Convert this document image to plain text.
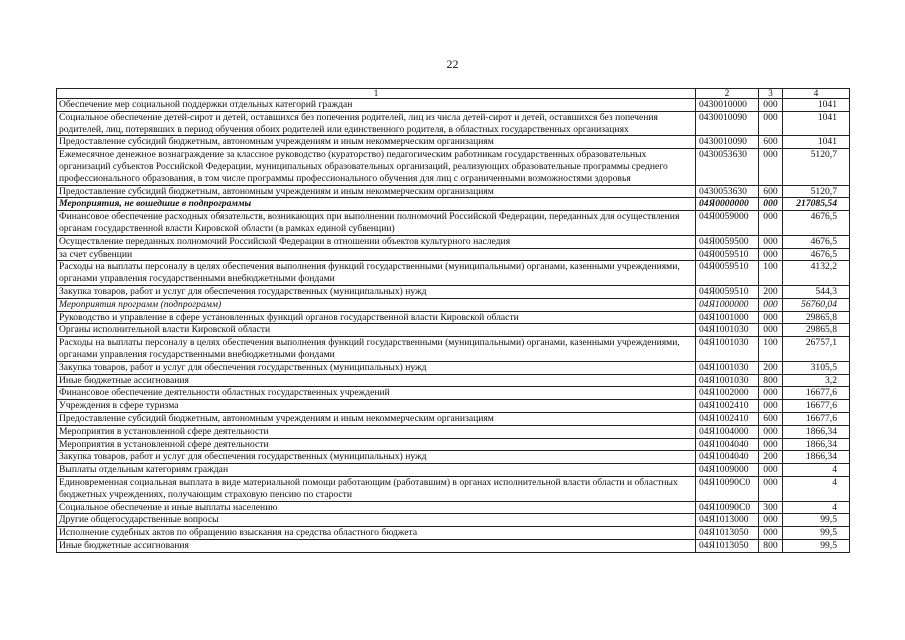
22
1	2	3	4
Обеспечение мер социальной поддержки отдельных категорий граждан	0430010000	000	1041
Социальное обеспечение детей-сирот и детей, оставшихся без попечения родителей, лиц из числа детей-сирот и детей, оставшихся без попечения родителей, лиц, потерявших в период обучения обоих родителей или единственного родителя, в областных государственных организациях	0430010090	000	1041
Предоставление субсидий бюджетным, автономным учреждениям и иным некоммерческим организациям	0430010090	600	1041
Ежемесячное денежное вознаграждение за классное руководство (кураторство) педагогическим работникам государственных образовательных организаций субъектов Российской Федерации, муниципальных образовательных организаций, реализующих образовательные программы среднего профессионального образования, в том числе программы профессионального обучения для лиц с ограниченными возможностями здоровья	0430053630	000	5120,7
Предоставление субсидий бюджетным, автономным учреждениям и иным некоммерческим организациям	0430053630	600	5120,7
Мероприятия, не вошедшие в подпрограммы	04Я0000000	000	217085,54
Финансовое обеспечение расходных обязательств, возникающих при выполнении полномочий Российской Федерации, переданных для осуществления органам государственной власти Кировской области (в рамках единой субвенции)	04Я0059000	000	4676,5
Осуществление переданных полномочий Российской Федерации в отношении объектов культурного наследия	04Я0059500	000	4676,5
за счет субвенции	04Я0059510	000	4676,5
Расходы на выплаты персоналу в целях обеспечения выполнения функций государственными (муниципальными) органами, казенными учреждениями, органами управления государственными внебюджетными фондами	04Я0059510	100	4132,2
Закупка товаров, работ и услуг для обеспечения государственных (муниципальных) нужд	04Я0059510	200	544,3
Мероприятия программ (подпрограмм)	04Я1000000	000	56760,04
Руководство и управление в сфере установленных функций органов государственной власти Кировской области	04Я1001000	000	29865,8
Органы исполнительной власти Кировской области	04Я1001030	000	29865,8
Расходы на выплаты персоналу в целях обеспечения выполнения функций государственными (муниципальными) органами, казенными учреждениями, органами управления государственными внебюджетными фондами	04Я1001030	100	26757,1
Закупка товаров, работ и услуг для обеспечения государственных (муниципальных) нужд	04Я1001030	200	3105,5
Иные бюджетные ассигнования	04Я1001030	800	3,2
Финансовое обеспечение деятельности областных государственных учреждений	04Я1002000	000	16677,6
Учреждения в сфере туризма	04Я1002410	000	16677,6
Предоставление субсидий бюджетным, автономным учреждениям и иным некоммерческим организациям	04Я1002410	600	16677,6
Мероприятия в установленной сфере деятельности	04Я1004000	000	1866,34
Мероприятия в установленной сфере деятельности	04Я1004040	000	1866,34
Закупка товаров, работ и услуг для обеспечения государственных (муниципальных) нужд	04Я1004040	200	1866,34
Выплаты отдельным категориям граждан	04Я1009000	000	4
Единовременная социальная выплата в виде материальной помощи работающим (работавшим) в органах исполнительной власти области и областных бюджетных учреждениях, получающим страховую пенсию по старости	04Я10090С0	000	4
Социальное обеспечение и иные выплаты населению	04Я10090С0	300	4
Другие общегосударственные вопросы	04Я1013000	000	99,5
Исполнение судебных актов по обращению взыскания на средства областного бюджета	04Я1013050	000	99,5
Иные бюджетные ассигнования	04Я1013050	800	99,5
